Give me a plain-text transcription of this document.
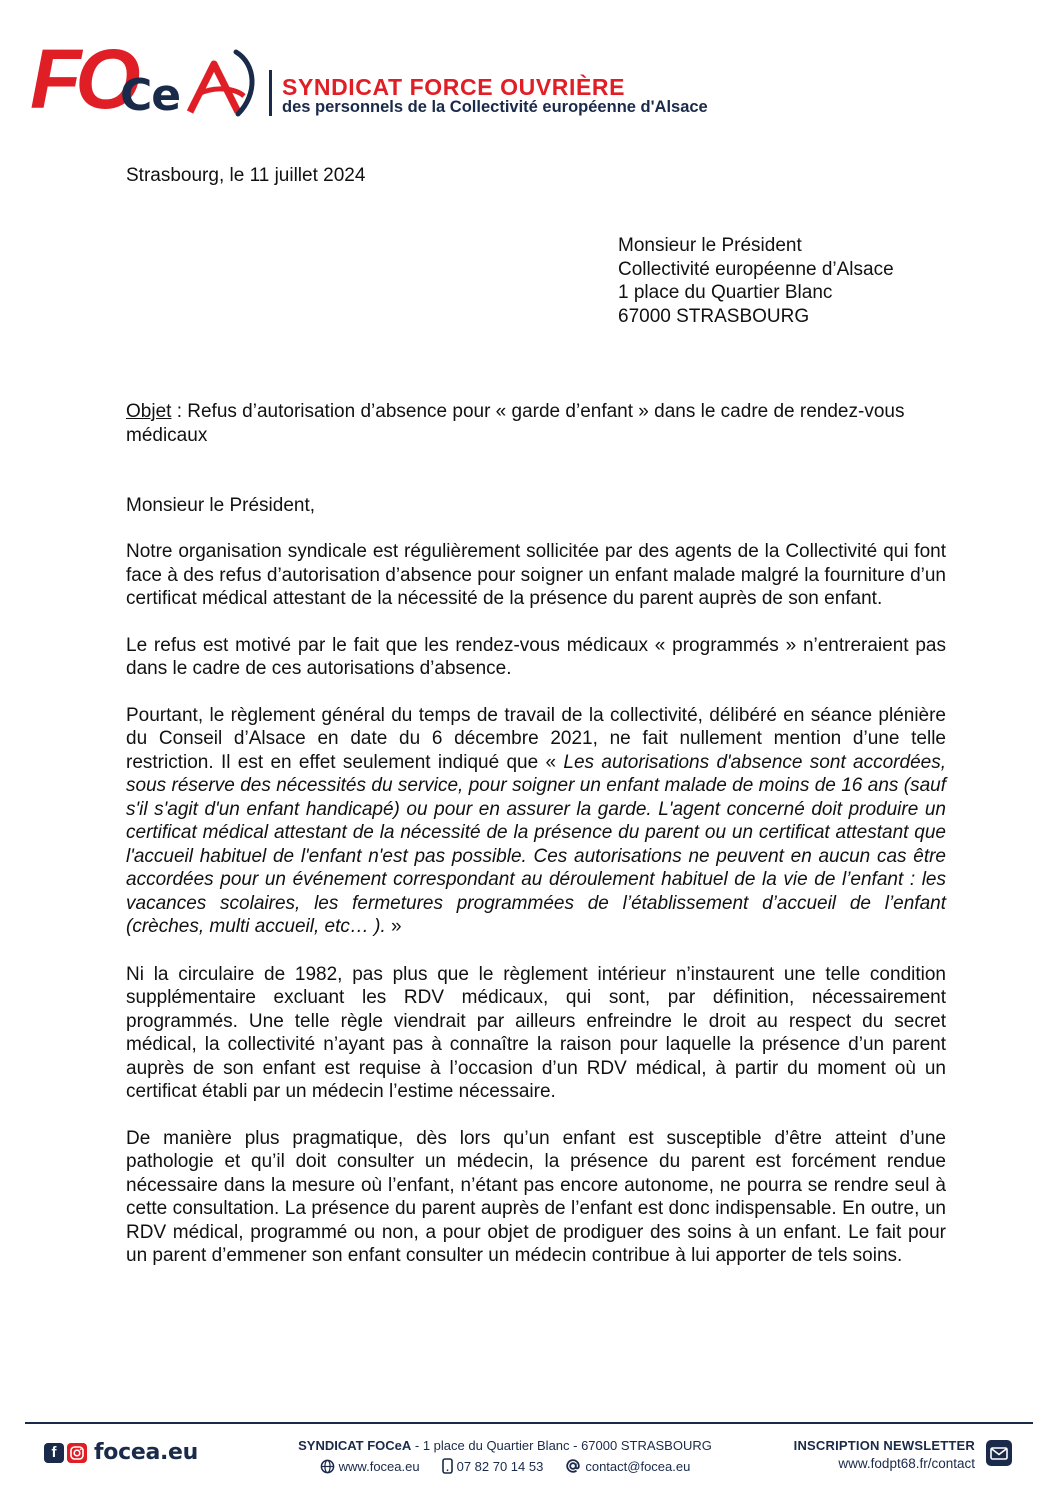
FO
Ce	SYNDICAT FORCE OUVRIÈRE
des personnels de la Collectivité européenne d'Alsace
Strasbourg, le 11 juillet 2024
Monsieur le Président
Collectivité européenne d’Alsace
1 place du Quartier Blanc
67000 STRASBOURG
Objet : Refus d’autorisation d’absence pour « garde d’enfant » dans le cadre de rendez-vous médicaux
Monsieur le Président,

Notre organisation syndicale est régulièrement sollicitée par des agents de la Collectivité qui font face à des refus d’autorisation d’absence pour soigner un enfant malade malgré la fourniture d’un certificat médical attestant de la nécessité de la présence du parent auprès de son enfant.

Le refus est motivé par le fait que les rendez-vous médicaux « programmés » n’entreraient pas dans le cadre de ces autorisations d’absence.

Pourtant, le règlement général du temps de travail de la collectivité, délibéré en séance plénière du Conseil d’Alsace en date du 6 décembre 2021, ne fait nullement mention d’une telle restriction. Il est en effet seulement indiqué que « Les autorisations d'absence sont accordées, sous réserve des nécessités du service, pour soigner un enfant malade de moins de 16 ans (sauf s'il s'agit d'un enfant handicapé) ou pour en assurer la garde. L'agent concerné doit produire un certificat médical attestant de la nécessité de la présence du parent ou un certificat attestant que l'accueil habituel de l'enfant n'est pas possible. Ces autorisations ne peuvent en aucun cas être accordées pour un événement correspondant au déroulement habituel de la vie de l’enfant : les vacances scolaires, les fermetures programmées de l’établissement d’accueil de l’enfant (crèches, multi accueil, etc… ). »

Ni la circulaire de 1982, pas plus que le règlement intérieur n’instaurent une telle condition supplémentaire excluant les RDV médicaux, qui sont, par définition, nécessairement programmés. Une telle règle viendrait par ailleurs enfreindre le droit au respect du secret médical, la collectivité n’ayant pas à connaître la raison pour laquelle la présence d’un parent auprès de son enfant est requise à l’occasion d’un RDV médical, à partir du moment où un certificat établi par un médecin l’estime nécessaire.

De manière plus pragmatique, dès lors qu’un enfant est susceptible d’être atteint d’une pathologie et qu’il doit consulter un médecin, la présence du parent est forcément rendue nécessaire dans la mesure où l’enfant, n’étant pas encore autonome, ne pourra se rendre seul à cette consultation. La présence du parent auprès de l’enfant est donc indispensable. En outre, un RDV médical, programmé ou non, a pour objet de prodiguer des soins à un enfant. Le fait pour un parent d’emmener son enfant consulter un médecin contribue à lui apporter de tels soins.

f	focea.eu	SYNDICAT FOCeA - 1 place du Quartier Blanc - 67000 STRASBOURG
www.focea.eu	07 82 70 14 53	contact@focea.eu
INSCRIPTION NEWSLETTER
www.fodpt68.fr/contact
